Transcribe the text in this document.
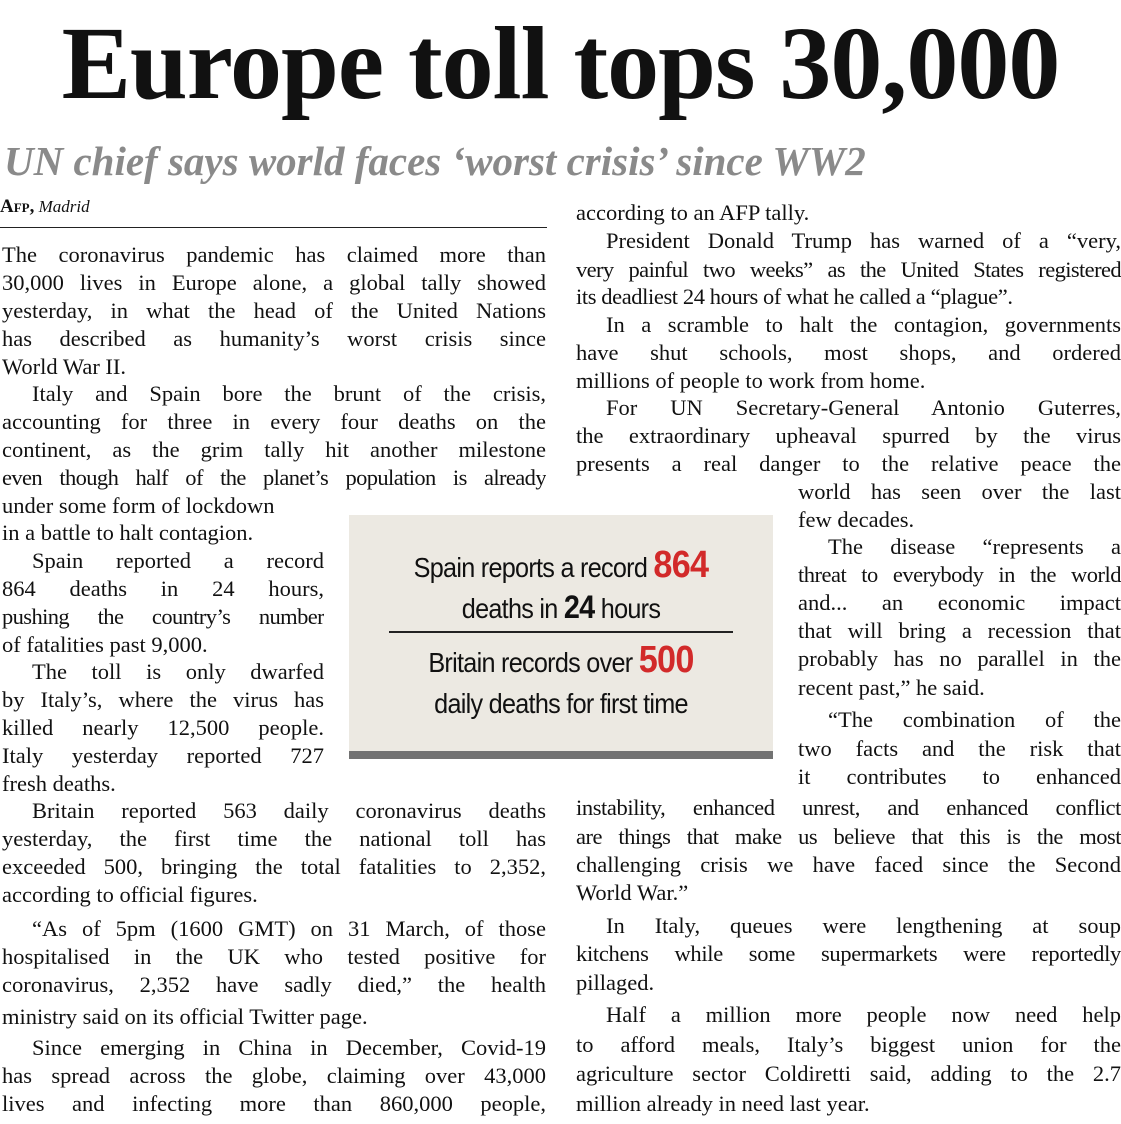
Europe toll tops 30,000
UN chief says world faces ‘worst crisis’ since WW2
Afp, Madrid
The coronavirus pandemic has claimed more than
30,000 lives in Europe alone, a global tally showed
yesterday, in what the head of the United Nations
has described as humanity’s worst crisis since
World War II.
Italy and Spain bore the brunt of the crisis,
accounting for three in every four deaths on the
continent, as the grim tally hit another milestone
even though half of the planet’s population is already
under some form of lockdown
in a battle to halt contagion.
Spain reported a record
864 deaths in 24 hours,
pushing the country’s number
of fatalities past 9,000.
The toll is only dwarfed
by Italy’s, where the virus has
killed nearly 12,500 people.
Italy yesterday reported 727
fresh deaths.
Britain reported 563 daily coronavirus deaths
yesterday, the first time the national toll has
exceeded 500, bringing the total fatalities to 2,352,
according to official figures.
“As of 5pm (1600 GMT) on 31 March, of those
hospitalised in the UK who tested positive for
coronavirus, 2,352 have sadly died,” the health
ministry said on its official Twitter page.
Since emerging in China in December, Covid-19
has spread across the globe, claiming over 43,000
lives and infecting more than 860,000 people,
according to an AFP tally.
President Donald Trump has warned of a “very,
very painful two weeks” as the United States registered
its deadliest 24 hours of what he called a “plague”.
In a scramble to halt the contagion, governments
have shut schools, most shops, and ordered
millions of people to work from home.
For UN Secretary-General Antonio Guterres,
the extraordinary upheaval spurred by the virus
presents a real danger to the relative peace the
world has seen over the last
few decades.
The disease “represents a
threat to everybody in the world
and... an economic impact
that will bring a recession that
probably has no parallel in the
recent past,” he said.
“The combination of the
two facts and the risk that
it contributes to enhanced
instability, enhanced unrest, and enhanced conflict
are things that make us believe that this is the most
challenging crisis we have faced since the Second
World War.”
In Italy, queues were lengthening at soup
kitchens while some supermarkets were reportedly
pillaged.
Half a million more people now need help
to afford meals, Italy’s biggest union for the
agriculture sector Coldiretti said, adding to the 2.7
million already in need last year.
Spain reports a record 864
deaths in 24 hours
Britain records over 500
daily deaths for first time
